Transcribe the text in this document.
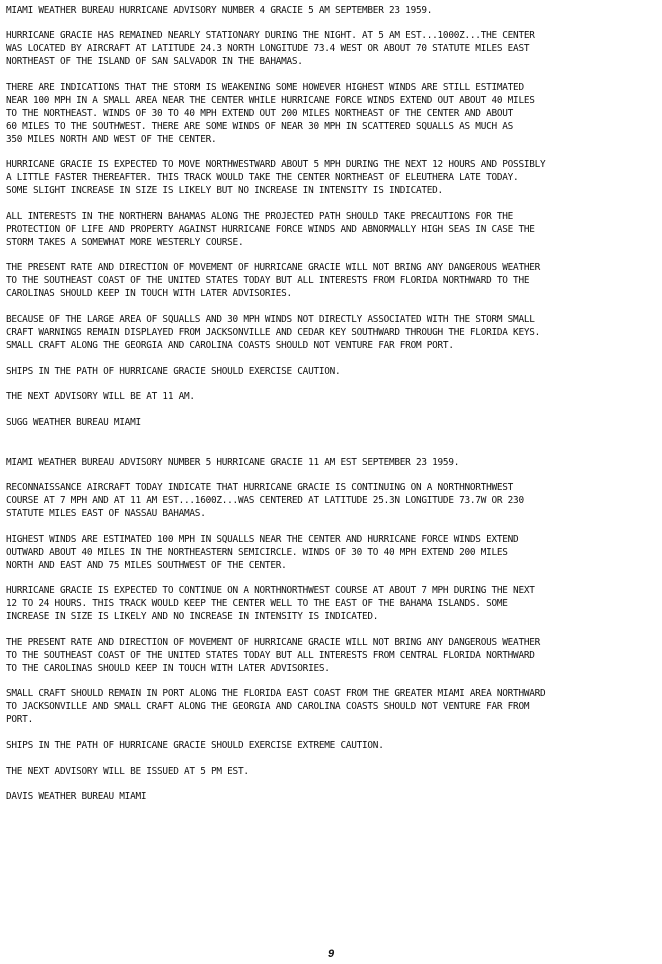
MIAMI WEATHER BUREAU HURRICANE ADVISORY NUMBER 4 GRACIE 5 AM SEPTEMBER 23 1959.
HURRICANE GRACIE HAS REMAINED NEARLY STATIONARY DURING THE NIGHT. AT 5 AM EST...1000Z...THE CENTER
WAS LOCATED BY AIRCRAFT AT LATITUDE 24.3 NORTH LONGITUDE 73.4 WEST OR ABOUT 70 STATUTE MILES EAST
NORTHEAST OF THE ISLAND OF SAN SALVADOR IN THE BAHAMAS.
THERE ARE INDICATIONS THAT THE STORM IS WEAKENING SOME HOWEVER HIGHEST WINDS ARE STILL ESTIMATED
NEAR 100 MPH IN A SMALL AREA NEAR THE CENTER WHILE HURRICANE FORCE WINDS EXTEND OUT ABOUT 40 MILES
TO THE NORTHEAST. WINDS OF 30 TO 40 MPH EXTEND OUT 200 MILES NORTHEAST OF THE CENTER AND ABOUT
60 MILES TO THE SOUTHWEST. THERE ARE SOME WINDS OF NEAR 30 MPH IN SCATTERED SQUALLS AS MUCH AS
350 MILES NORTH AND WEST OF THE CENTER.
HURRICANE GRACIE IS EXPECTED TO MOVE NORTHWESTWARD ABOUT 5 MPH DURING THE NEXT 12 HOURS AND POSSIBLY
A LITTLE FASTER THEREAFTER. THIS TRACK WOULD TAKE THE CENTER NORTHEAST OF ELEUTHERA LATE TODAY.
SOME SLIGHT INCREASE IN SIZE IS LIKELY BUT NO INCREASE IN INTENSITY IS INDICATED.
ALL INTERESTS IN THE NORTHERN BAHAMAS ALONG THE PROJECTED PATH SHOULD TAKE PRECAUTIONS FOR THE
PROTECTION OF LIFE AND PROPERTY AGAINST HURRICANE FORCE WINDS AND ABNORMALLY HIGH SEAS IN CASE THE
STORM TAKES A SOMEWHAT MORE WESTERLY COURSE.
THE PRESENT RATE AND DIRECTION OF MOVEMENT OF HURRICANE GRACIE WILL NOT BRING ANY DANGEROUS WEATHER
TO THE SOUTHEAST COAST OF THE UNITED STATES TODAY BUT ALL INTERESTS FROM FLORIDA NORTHWARD TO THE
CAROLINAS SHOULD KEEP IN TOUCH WITH LATER ADVISORIES.
BECAUSE OF THE LARGE AREA OF SQUALLS AND 30 MPH WINDS NOT DIRECTLY ASSOCIATED WITH THE STORM SMALL
CRAFT WARNINGS REMAIN DISPLAYED FROM JACKSONVILLE AND CEDAR KEY SOUTHWARD THROUGH THE FLORIDA KEYS.
SMALL CRAFT ALONG THE GEORGIA AND CAROLINA COASTS SHOULD NOT VENTURE FAR FROM PORT.
SHIPS IN THE PATH OF HURRICANE GRACIE SHOULD EXERCISE CAUTION.
THE NEXT ADVISORY WILL BE AT 11 AM.
SUGG WEATHER BUREAU MIAMI
MIAMI WEATHER BUREAU ADVISORY NUMBER 5 HURRICANE GRACIE 11 AM EST SEPTEMBER 23 1959.
RECONNAISSANCE AIRCRAFT TODAY INDICATE THAT HURRICANE GRACIE IS CONTINUING ON A NORTHNORTHWEST
COURSE AT 7 MPH AND AT 11 AM EST...1600Z...WAS CENTERED AT LATITUDE 25.3N LONGITUDE 73.7W OR 230
STATUTE MILES EAST OF NASSAU BAHAMAS.
HIGHEST WINDS ARE ESTIMATED 100 MPH IN SQUALLS NEAR THE CENTER AND HURRICANE FORCE WINDS EXTEND
OUTWARD ABOUT 40 MILES IN THE NORTHEASTERN SEMICIRCLE. WINDS OF 30 TO 40 MPH EXTEND 200 MILES
NORTH AND EAST AND 75 MILES SOUTHWEST OF THE CENTER.
HURRICANE GRACIE IS EXPECTED TO CONTINUE ON A NORTHNORTHWEST COURSE AT ABOUT 7 MPH DURING THE NEXT
12 TO 24 HOURS. THIS TRACK WOULD KEEP THE CENTER WELL TO THE EAST OF THE BAHAMA ISLANDS. SOME
INCREASE IN SIZE IS LIKELY AND NO INCREASE IN INTENSITY IS INDICATED.
THE PRESENT RATE AND DIRECTION OF MOVEMENT OF HURRICANE GRACIE WILL NOT BRING ANY DANGEROUS WEATHER
TO THE SOUTHEAST COAST OF THE UNITED STATES TODAY BUT ALL INTERESTS FROM CENTRAL FLORIDA NORTHWARD
TO THE CAROLINAS SHOULD KEEP IN TOUCH WITH LATER ADVISORIES.
SMALL CRAFT SHOULD REMAIN IN PORT ALONG THE FLORIDA EAST COAST FROM THE GREATER MIAMI AREA NORTHWARD
TO JACKSONVILLE AND SMALL CRAFT ALONG THE GEORGIA AND CAROLINA COASTS SHOULD NOT VENTURE FAR FROM
PORT.
SHIPS IN THE PATH OF HURRICANE GRACIE SHOULD EXERCISE EXTREME CAUTION.
THE NEXT ADVISORY WILL BE ISSUED AT 5 PM EST.
DAVIS WEATHER BUREAU MIAMI
9
